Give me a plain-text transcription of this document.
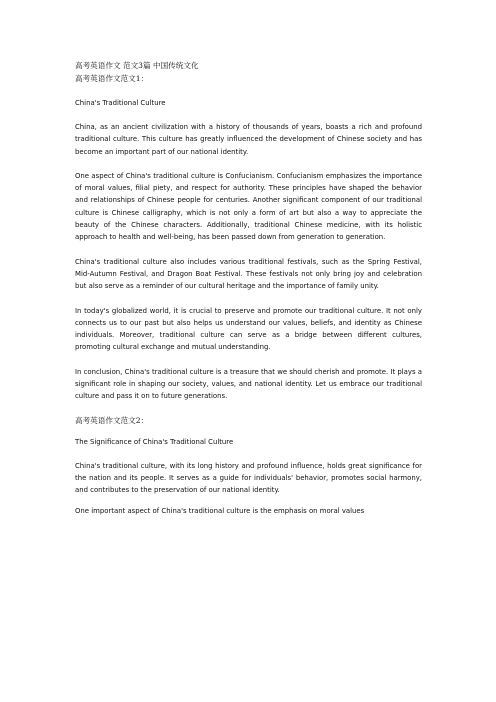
高考英语作文 范文3篇 中国传统文化

高考英语作文范文1：

China's Traditional Culture

China, as an ancient civilization with a history of thousands of years, boasts a rich and profound traditional culture. This culture has greatly influenced the development of Chinese society and has become an important part of our national identity.

One aspect of China's traditional culture is Confucianism. Confucianism emphasizes the importance of moral values, filial piety, and respect for authority. These principles have shaped the behavior and relationships of Chinese people for centuries. Another significant component of our traditional culture is Chinese calligraphy, which is not only a form of art but also a way to appreciate the beauty of the Chinese characters. Additionally, traditional Chinese medicine, with its holistic approach to health and well-being, has been passed down from generation to generation.

China's traditional culture also includes various traditional festivals, such as the Spring Festival, Mid-Autumn Festival, and Dragon Boat Festival. These festivals not only bring joy and celebration but also serve as a reminder of our cultural heritage and the importance of family unity.

In today's globalized world, it is crucial to preserve and promote our traditional culture. It not only connects us to our past but also helps us understand our values, beliefs, and identity as Chinese individuals. Moreover, traditional culture can serve as a bridge between different cultures, promoting cultural exchange and mutual understanding.

In conclusion, China's traditional culture is a treasure that we should cherish and promote. It plays a significant role in shaping our society, values, and national identity. Let us embrace our traditional culture and pass it on to future generations.

高考英语作文范文2：

The Significance of China's Traditional Culture

China's traditional culture, with its long history and profound influence, holds great significance for the nation and its people. It serves as a guide for individuals' behavior, promotes social harmony, and contributes to the preservation of our national identity.

One important aspect of China's traditional culture is the emphasis on moral values
